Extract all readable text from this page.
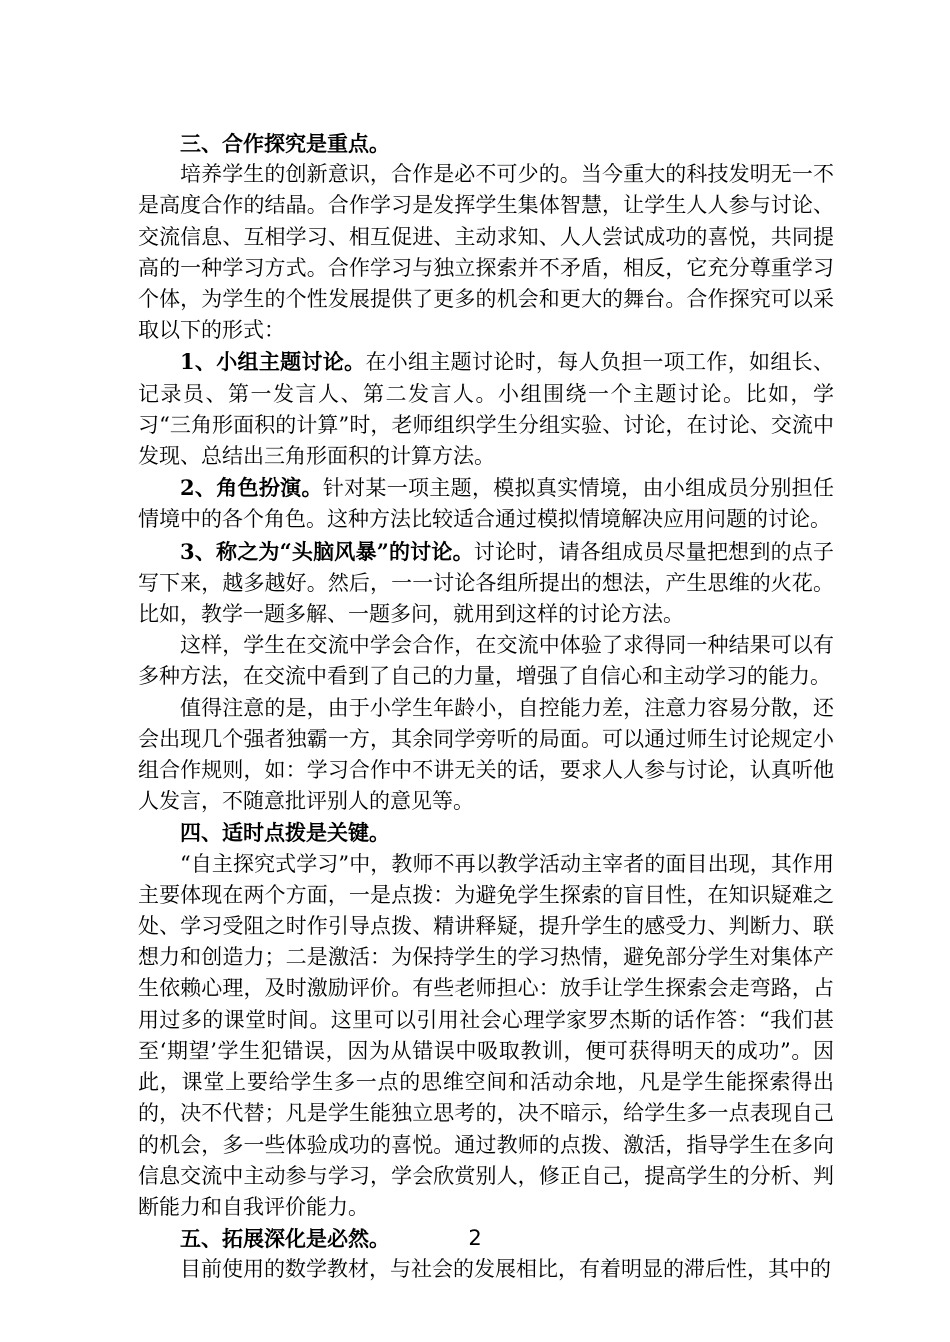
三、合作探究是重点。

培养学生的创新意识，合作是必不可少的。当今重大的科技发明无一不是高度合作的结晶。合作学习是发挥学生集体智慧，让学生人人参与讨论、交流信息、互相学习、相互促进、主动求知、人人尝试成功的喜悦，共同提高的一种学习方式。合作学习与独立探索并不矛盾，相反，它充分尊重学习个体，为学生的个性发展提供了更多的机会和更大的舞台。合作探究可以采取以下的形式：

1、小组主题讨论。在小组主题讨论时，每人负担一项工作，如组长、记录员、第一发言人、第二发言人。小组围绕一个主题讨论。比如，学习“三角形面积的计算”时，老师组织学生分组实验、讨论，在讨论、交流中发现、总结出三角形面积的计算方法。

2、角色扮演。针对某一项主题，模拟真实情境，由小组成员分别担任情境中的各个角色。这种方法比较适合通过模拟情境解决应用问题的讨论。

3、称之为“头脑风暴”的讨论。讨论时，请各组成员尽量把想到的点子写下来，越多越好。然后，一一讨论各组所提出的想法，产生思维的火花。比如，教学一题多解、一题多问，就用到这样的讨论方法。

这样，学生在交流中学会合作，在交流中体验了求得同一种结果可以有多种方法，在交流中看到了自己的力量，增强了自信心和主动学习的能力。

值得注意的是，由于小学生年龄小，自控能力差，注意力容易分散，还会出现几个强者独霸一方，其余同学旁听的局面。可以通过师生讨论规定小组合作规则，如：学习合作中不讲无关的话，要求人人参与讨论，认真听他人发言，不随意批评别人的意见等。

四、适时点拨是关键。

“自主探究式学习”中，教师不再以教学活动主宰者的面目出现，其作用主要体现在两个方面，一是点拨：为避免学生探索的盲目性，在知识疑难之处、学习受阻之时作引导点拨、精讲释疑，提升学生的感受力、判断力、联想力和创造力；二是激活：为保持学生的学习热情，避免部分学生对集体产生依赖心理，及时激励评价。有些老师担心：放手让学生探索会走弯路，占用过多的课堂时间。这里可以引用社会心理学家罗杰斯的话作答：“我们甚至‘期望’学生犯错误，因为从错误中吸取教训，便可获得明天的成功”。因此，课堂上要给学生多一点的思维空间和活动余地，凡是学生能探索得出的，决不代替；凡是学生能独立思考的，决不暗示，给学生多一点表现自己的机会，多一些体验成功的喜悦。通过教师的点拨、激活，指导学生在多向信息交流中主动参与学习，学会欣赏别人，修正自己，提高学生的分析、判断能力和自我评价能力。

五、拓展深化是必然。

目前使用的数学教材，与社会的发展相比，有着明显的滞后性，其中的

2
